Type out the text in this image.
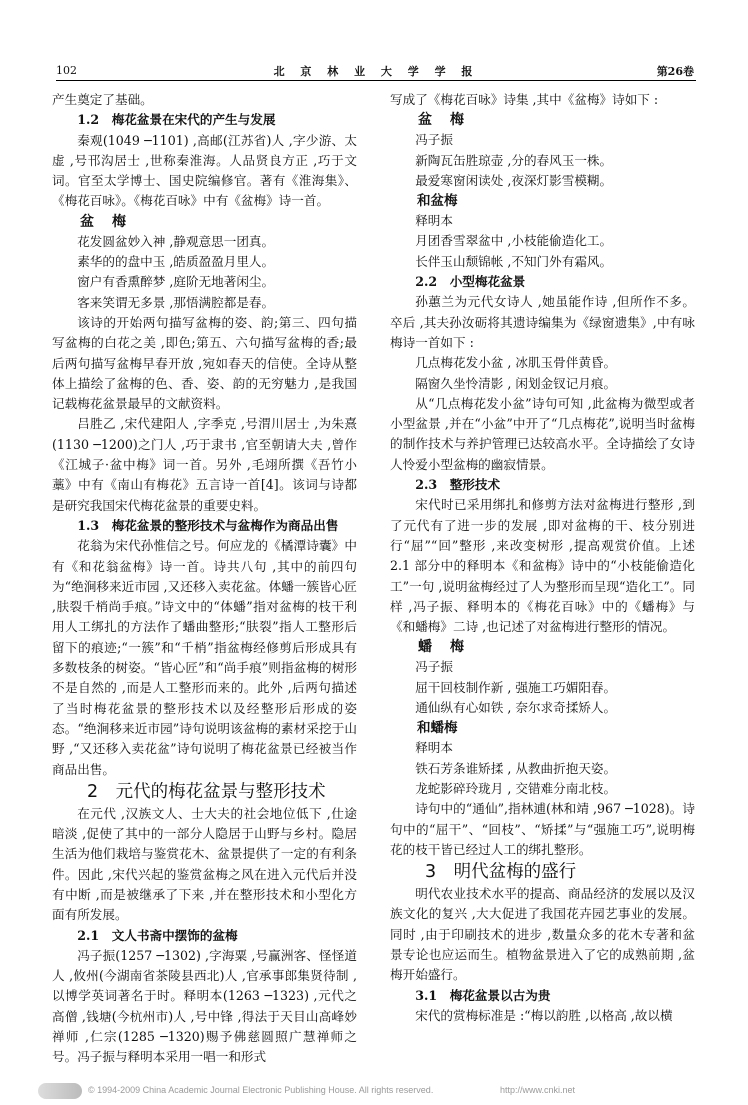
102	北 京 林 业 大 学 学 报	第26卷

产生奠定了基础。

1.2　梅花盆景在宋代的产生与发展

秦观(1049 ─1101) ,高邮(江苏省)人 ,字少游、太虚 ,号邗沟居士 ,世称秦淮海。人品贤良方正 ,巧于文词。官至太学博士、国史院编修官。著有《淮海集》、《梅花百咏》。《梅花百咏》中有《盆梅》诗一首。

盆梅

花发圆盆妙入神 ,静观意思一团真。

素华的的盘中玉 ,皓质盈盈月里人。

窗户有香熏醉梦 ,庭阶无地著闲尘。

客来笑谓无多景 ,那悟满腔都是春。

该诗的开始两句描写盆梅的姿、韵;第三、四句描写盆梅的白花之美 ,即色;第五、六句描写盆梅的香;最后两句描写盆梅早春开放 ,宛如春天的信使。全诗从整体上描绘了盆梅的色、香、姿、韵的无穷魅力 ,是我国记载梅花盆景最早的文献资料。

吕胜乙 ,宋代建阳人 ,字季克 ,号渭川居士 ,为朱熹(1130 ─1200)之门人 ,巧于隶书 ,官至朝请大夫 ,曾作《江城子·盆中梅》词一首。另外 ,毛翊所撰《吾竹小藁》中有《南山有梅花》五言诗一首[4]。该词与诗都是研究我国宋代梅花盆景的重要史料。

1.3　梅花盆景的整形技术与盆梅作为商品出售

花翁为宋代孙惟信之号。何应龙的《橘潭诗囊》中有《和花翁盆梅》诗一首。诗共八句 ,其中的前四句为“绝涧移来近市园 ,又还移入卖花盆。体蟠一簇皆心匠 ,肤裂千梢尚手痕。”诗文中的“体蟠”指对盆梅的枝干利用人工绑扎的方法作了蟠曲整形;“肤裂”指人工整形后留下的痕迹;“一簇”和“千梢”指盆梅经修剪后形成具有多数枝条的树姿。“皆心匠”和“尚手痕”则指盆梅的树形不是自然的 ,而是人工整形而来的。此外 ,后两句描述了当时梅花盆景的整形技术以及经整形后形成的姿态。“绝涧移来近市园”诗句说明该盆梅的素材采挖于山野 ,“又还移入卖花盆”诗句说明了梅花盆景已经被当作商品出售。

2　元代的梅花盆景与整形技术

在元代 ,汉族文人、士大夫的社会地位低下 ,仕途暗淡 ,促使了其中的一部分人隐居于山野与乡村。隐居生活为他们栽培与鉴赏花木、盆景提供了一定的有利条件。因此 ,宋代兴起的鉴赏盆梅之风在进入元代后并没有中断 ,而是被继承了下来 ,并在整形技术和小型化方面有所发展。

2.1　文人书斋中摆饰的盆梅

冯子振(1257 ─1302) ,字海粟 ,号赢洲客、怪怪道人 ,攸州(今湖南省茶陵县西北)人 ,官承事郎集贤待制 ,以博学英词著名于时。释明本(1263 ─1323) ,元代之高僧 ,钱塘(今杭州市)人 ,号中锋 ,得法于天目山高峰妙禅师 ,仁宗(1285 ─1320)赐予佛慈圆照广慧禅师之号。冯子振与释明本采用一唱一和形式

写成了《梅花百咏》诗集 ,其中《盆梅》诗如下 :

盆梅

冯子振

新陶瓦缶胜琼壶 ,分的春风玉一株。

最爱寒窗闲读处 ,夜深灯影雪模糊。

和盆梅

释明本

月团香雪翠盆中 ,小枝能偷造化工。

长伴玉山颓锦帐 ,不知门外有霜风。

2.2　小型梅花盆景

孙蕙兰为元代女诗人 ,她虽能作诗 ,但所作不多。卒后 ,其夫孙汝砺将其遗诗编集为《绿窗遗集》,中有咏梅诗一首如下 :

几点梅花发小盆 , 冰肌玉骨伴黄昏。

隔窗久坐怜清影 , 闲划金钗记月痕。

从“几点梅花发小盆”诗句可知 ,此盆梅为微型或者小型盆景 ,并在“小盆”中开了“几点梅花”,说明当时盆梅的制作技术与养护管理已达较高水平。全诗描绘了女诗人怜爱小型盆梅的幽寂情景。

2.3　整形技术

宋代时已采用绑扎和修剪方法对盆梅进行整形 ,到了元代有了进一步的发展 ,即对盆梅的干、枝分别进行“屈”“回”整形 ,来改变树形 ,提高观赏价值。上述 2.1 部分中的释明本《和盆梅》诗中的“小枝能偷造化工”一句 ,说明盆梅经过了人为整形而呈现“造化工”。同样 ,冯子振、释明本的《梅花百咏》中的《蟠梅》与《和蟠梅》二诗 ,也记述了对盆梅进行整形的情况。

蟠梅

冯子振

屈干回枝制作新 , 强施工巧媚阳春。

通仙纵有心如铁 , 奈尔求奇揉矫人。

和蟠梅

释明本

铁石芳条谁矫揉 , 从教曲折抱天姿。

龙蛇影碎玲珑月 , 交错难分南北枝。

诗句中的“通仙”,指林逋(林和靖 ,967 ─1028)。诗句中的“屈干”、“回枝”、“矫揉”与“强施工巧”,说明梅花的枝干皆已经过人工的绑扎整形。

3　明代盆梅的盛行

明代农业技术水平的提高、商品经济的发展以及汉族文化的复兴 ,大大促进了我国花卉园艺事业的发展。同时 ,由于印刷技术的进步 ,数量众多的花木专著和盆景专论也应运而生。植物盆景进入了它的成熟前期 ,盆梅开始盛行。

3.1　梅花盆景以古为贵

宋代的赏梅标准是 :“梅以韵胜 ,以格高 ,故以横

© 1994-2009 China Academic Journal Electronic Publishing House. All rights reserved.	http://www.cnki.net
